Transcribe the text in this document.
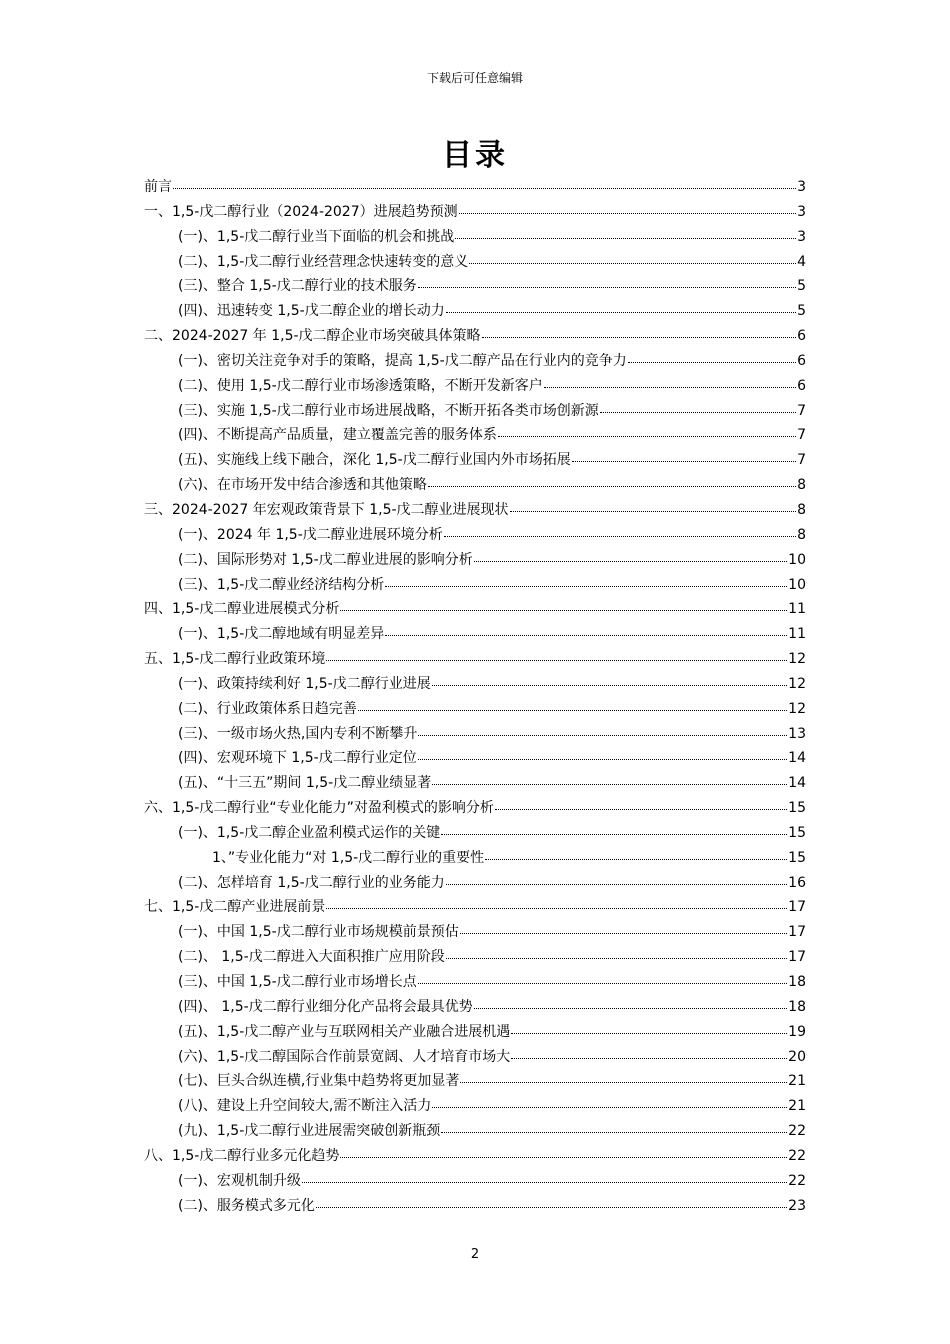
下载后可任意编辑
目录
前言	3
一、1,5-戊二醇行业（2024-2027）进展趋势预测	3
(一)、1,5-戊二醇行业当下面临的机会和挑战	3
(二)、1,5-戊二醇行业经营理念快速转变的意义	4
(三)、整合 1,5-戊二醇行业的技术服务	5
(四)、迅速转变 1,5-戊二醇企业的增长动力	5
二、2024-2027 年 1,5-戊二醇企业市场突破具体策略	6
(一)、密切关注竞争对手的策略，提高 1,5-戊二醇产品在行业内的竞争力	6
(二)、使用 1,5-戊二醇行业市场渗透策略，不断开发新客户	6
(三)、实施 1,5-戊二醇行业市场进展战略，不断开拓各类市场创新源	7
(四)、不断提高产品质量，建立覆盖完善的服务体系	7
(五)、实施线上线下融合，深化 1,5-戊二醇行业国内外市场拓展	7
(六)、在市场开发中结合渗透和其他策略	8
三、2024-2027 年宏观政策背景下 1,5-戊二醇业进展现状	8
(一)、2024 年 1,5-戊二醇业进展环境分析	8
(二)、国际形势对 1,5-戊二醇业进展的影响分析	10
(三)、1,5-戊二醇业经济结构分析	10
四、1,5-戊二醇业进展模式分析	11
(一)、1,5-戊二醇地域有明显差异	11
五、1,5-戊二醇行业政策环境	12
(一)、政策持续利好 1,5-戊二醇行业进展	12
(二)、行业政策体系日趋完善	12
(三)、一级市场火热,国内专利不断攀升	13
(四)、宏观环境下 1,5-戊二醇行业定位	14
(五)、“十三五”期间 1,5-戊二醇业绩显著	14
六、1,5-戊二醇行业“专业化能力”对盈利模式的影响分析	15
(一)、1,5-戊二醇企业盈利模式运作的关键	15
1、”专业化能力“对 1,5-戊二醇行业的重要性	15
(二)、怎样培育 1,5-戊二醇行业的业务能力	16
七、1,5-戊二醇产业进展前景	17
(一)、中国 1,5-戊二醇行业市场规模前景预估	17
(二)、 1,5-戊二醇进入大面积推广应用阶段	17
(三)、中国 1,5-戊二醇行业市场增长点	18
(四)、 1,5-戊二醇行业细分化产品将会最具优势	18
(五)、1,5-戊二醇产业与互联网相关产业融合进展机遇	19
(六)、1,5-戊二醇国际合作前景宽阔、人才培育市场大	20
(七)、巨头合纵连横,行业集中趋势将更加显著	21
(八)、建设上升空间较大,需不断注入活力	21
(九)、1,5-戊二醇行业进展需突破创新瓶颈	22
八、1,5-戊二醇行业多元化趋势	22
(一)、宏观机制升级	22
(二)、服务模式多元化	23
2
